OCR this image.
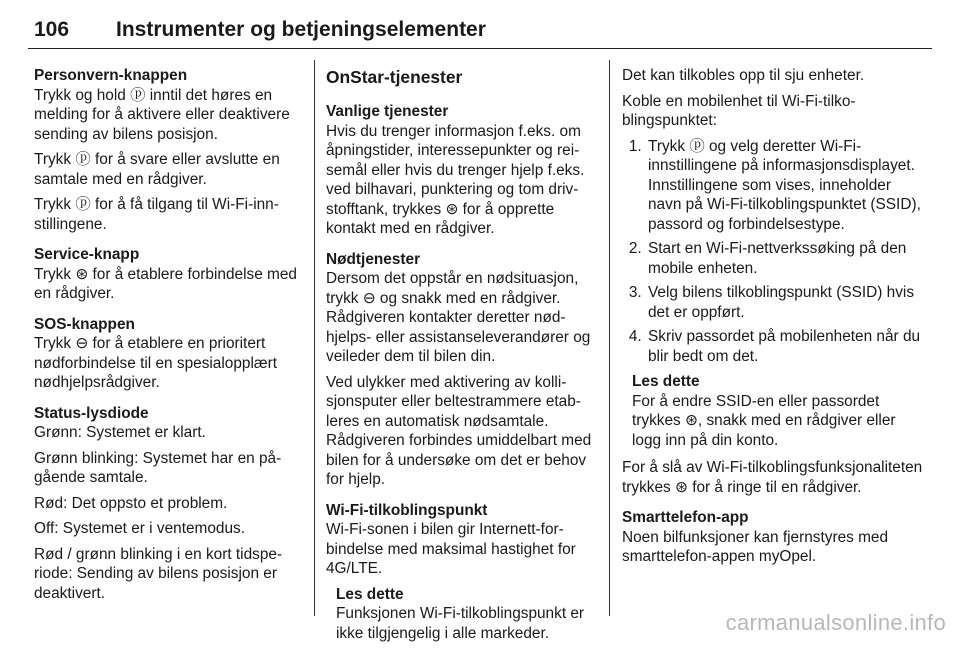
106 Instrumenter og betjeningselementer

Personvern-knappen

Trykk og hold ⓟ inntil det høres en melding for å aktivere eller deaktivere sending av bilens posisjon.

Trykk ⓟ for å svare eller avslutte en samtale med en rådgiver.

Trykk ⓟ for å få tilgang til Wi-Fi-innstillingene.

Service-knapp

Trykk ⊛ for å etablere forbindelse med en rådgiver.

SOS-knappen

Trykk ⊖ for å etablere en prioritert nødforbindelse til en spesialopplært nødhjelpsrådgiver.

Status-lysdiode

Grønn: Systemet er klart.

Grønn blinking: Systemet har en pågående samtale.

Rød: Det oppsto et problem.

Off: Systemet er i ventemodus.

Rød / grønn blinking i en kort tidsperiode: Sending av bilens posisjon er deaktivert.

OnStar-tjenester

Vanlige tjenester

Hvis du trenger informasjon f.eks. om åpningstider, interessepunkter og reisemål eller hvis du trenger hjelp f.eks. ved bilhavari, punktering og tom drivstofftank, trykkes ⊛ for å opprette kontakt med en rådgiver.

Nødtjenester

Dersom det oppstår en nødsituasjon, trykk ⊖ og snakk med en rådgiver. Rådgiveren kontakter deretter nødhjelps- eller assistanseleverandører og veileder dem til bilen din.

Ved ulykker med aktivering av kollisjonsputer eller beltestrammere etableres en automatisk nødsamtale. Rådgiveren forbindes umiddelbart med bilen for å undersøke om det er behov for hjelp.

Wi-Fi-tilkoblingspunkt

Wi-Fi-sonen i bilen gir Internett-forbindelse med maksimal hastighet for 4G/LTE.

Les dette

Funksjonen Wi-Fi-tilkoblingspunkt er ikke tilgjengelig i alle markeder.

Det kan tilkobles opp til sju enheter.

Koble en mobilenhet til Wi-Fi-tilkoblingspunktet:

1. Trykk ⓟ og velg deretter Wi-Fi-innstillingene på informasjonsdisplayet. Innstillingene som vises, inneholder navn på Wi-Fi-tilkoblingspunktet (SSID), passord og forbindelsestype.
2. Start en Wi-Fi-nettverkssøking på den mobile enheten.
3. Velg bilens tilkoblingspunkt (SSID) hvis det er oppført.
4. Skriv passordet på mobilenheten når du blir bedt om det.

Les dette

For å endre SSID-en eller passordet trykkes ⊛, snakk med en rådgiver eller logg inn på din konto.

For å slå av Wi-Fi-tilkoblingsfunksjonaliteten trykkes ⊛ for å ringe til en rådgiver.

Smarttelefon-app

Noen bilfunksjoner kan fjernstyres med smarttelefon-appen myOpel.

carmanualsonline.info
